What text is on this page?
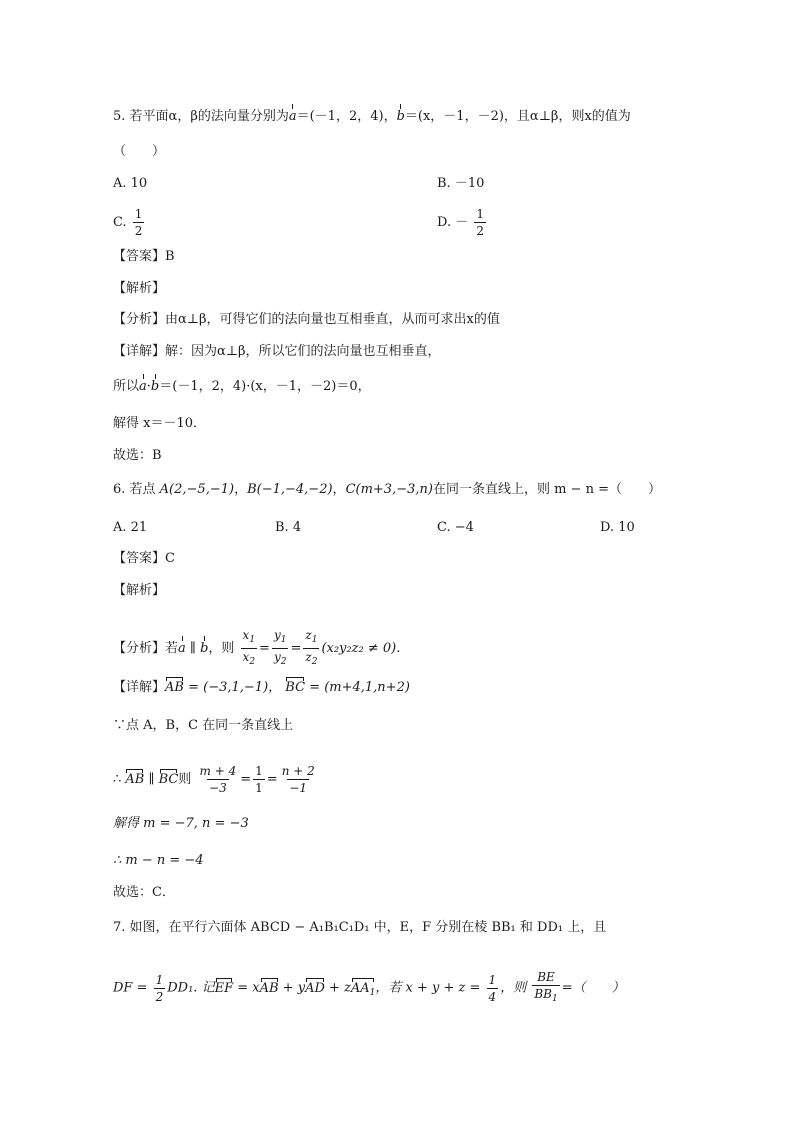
5. 若平面α，β的法向量分别为a＝(－1，2，4)，b＝(x，－1，－2)，且α⊥β，则x的值为
（　　）
A. 10	B. －10
C. $\frac{1}{2}$	D. － $\frac{1}{2}$
【答案】B
【解析】
【分析】由α⊥β，可得它们的法向量也互相垂直，从而可求出x的值
【详解】解：因为α⊥β，所以它们的法向量也互相垂直，
所以a·b＝(－1，2，4)·(x，－1，－2)＝0，
解得 x＝－10．
故选：B
6. 若点 A(2,−5,−1)，B(−1,−4,−2)，C(m+3,−3,n)在同一条直线上，则 m − n =（　　）
A. 21	B. 4	C. −4	D. 10
【答案】C
【解析】
【分析】若a ∥ b，则 $\frac{x_1}{x_2} = \frac{y_1}{y_2} = \frac{z_1}{z_2} (x_2y_2z_2 \ne 0)$．
【详解】AB = (−3,1,−1)， BC = (m+4,1,n+2)
∵点 A，B，C 在同一条直线上
∴ AB ∥ BC则 $\frac{m + 4}{-3} = \frac{1}{1} = \frac{n + 2}{-1}$
解得 m = −7, n = −3
∴ m − n = −4
故选：C．
7. 如图，在平行六面体 ABCD − A₁B₁C₁D₁ 中，E，F 分别在棱 BB₁ 和 DD₁ 上，且
DF = $\frac{1}{2} DD_1$. 记EF = xAB + yAD + zAA$_1$，若 $x + y + z = \frac{1}{4}$ ，则 $\frac{BE}{BB_1}$ =（　　）
